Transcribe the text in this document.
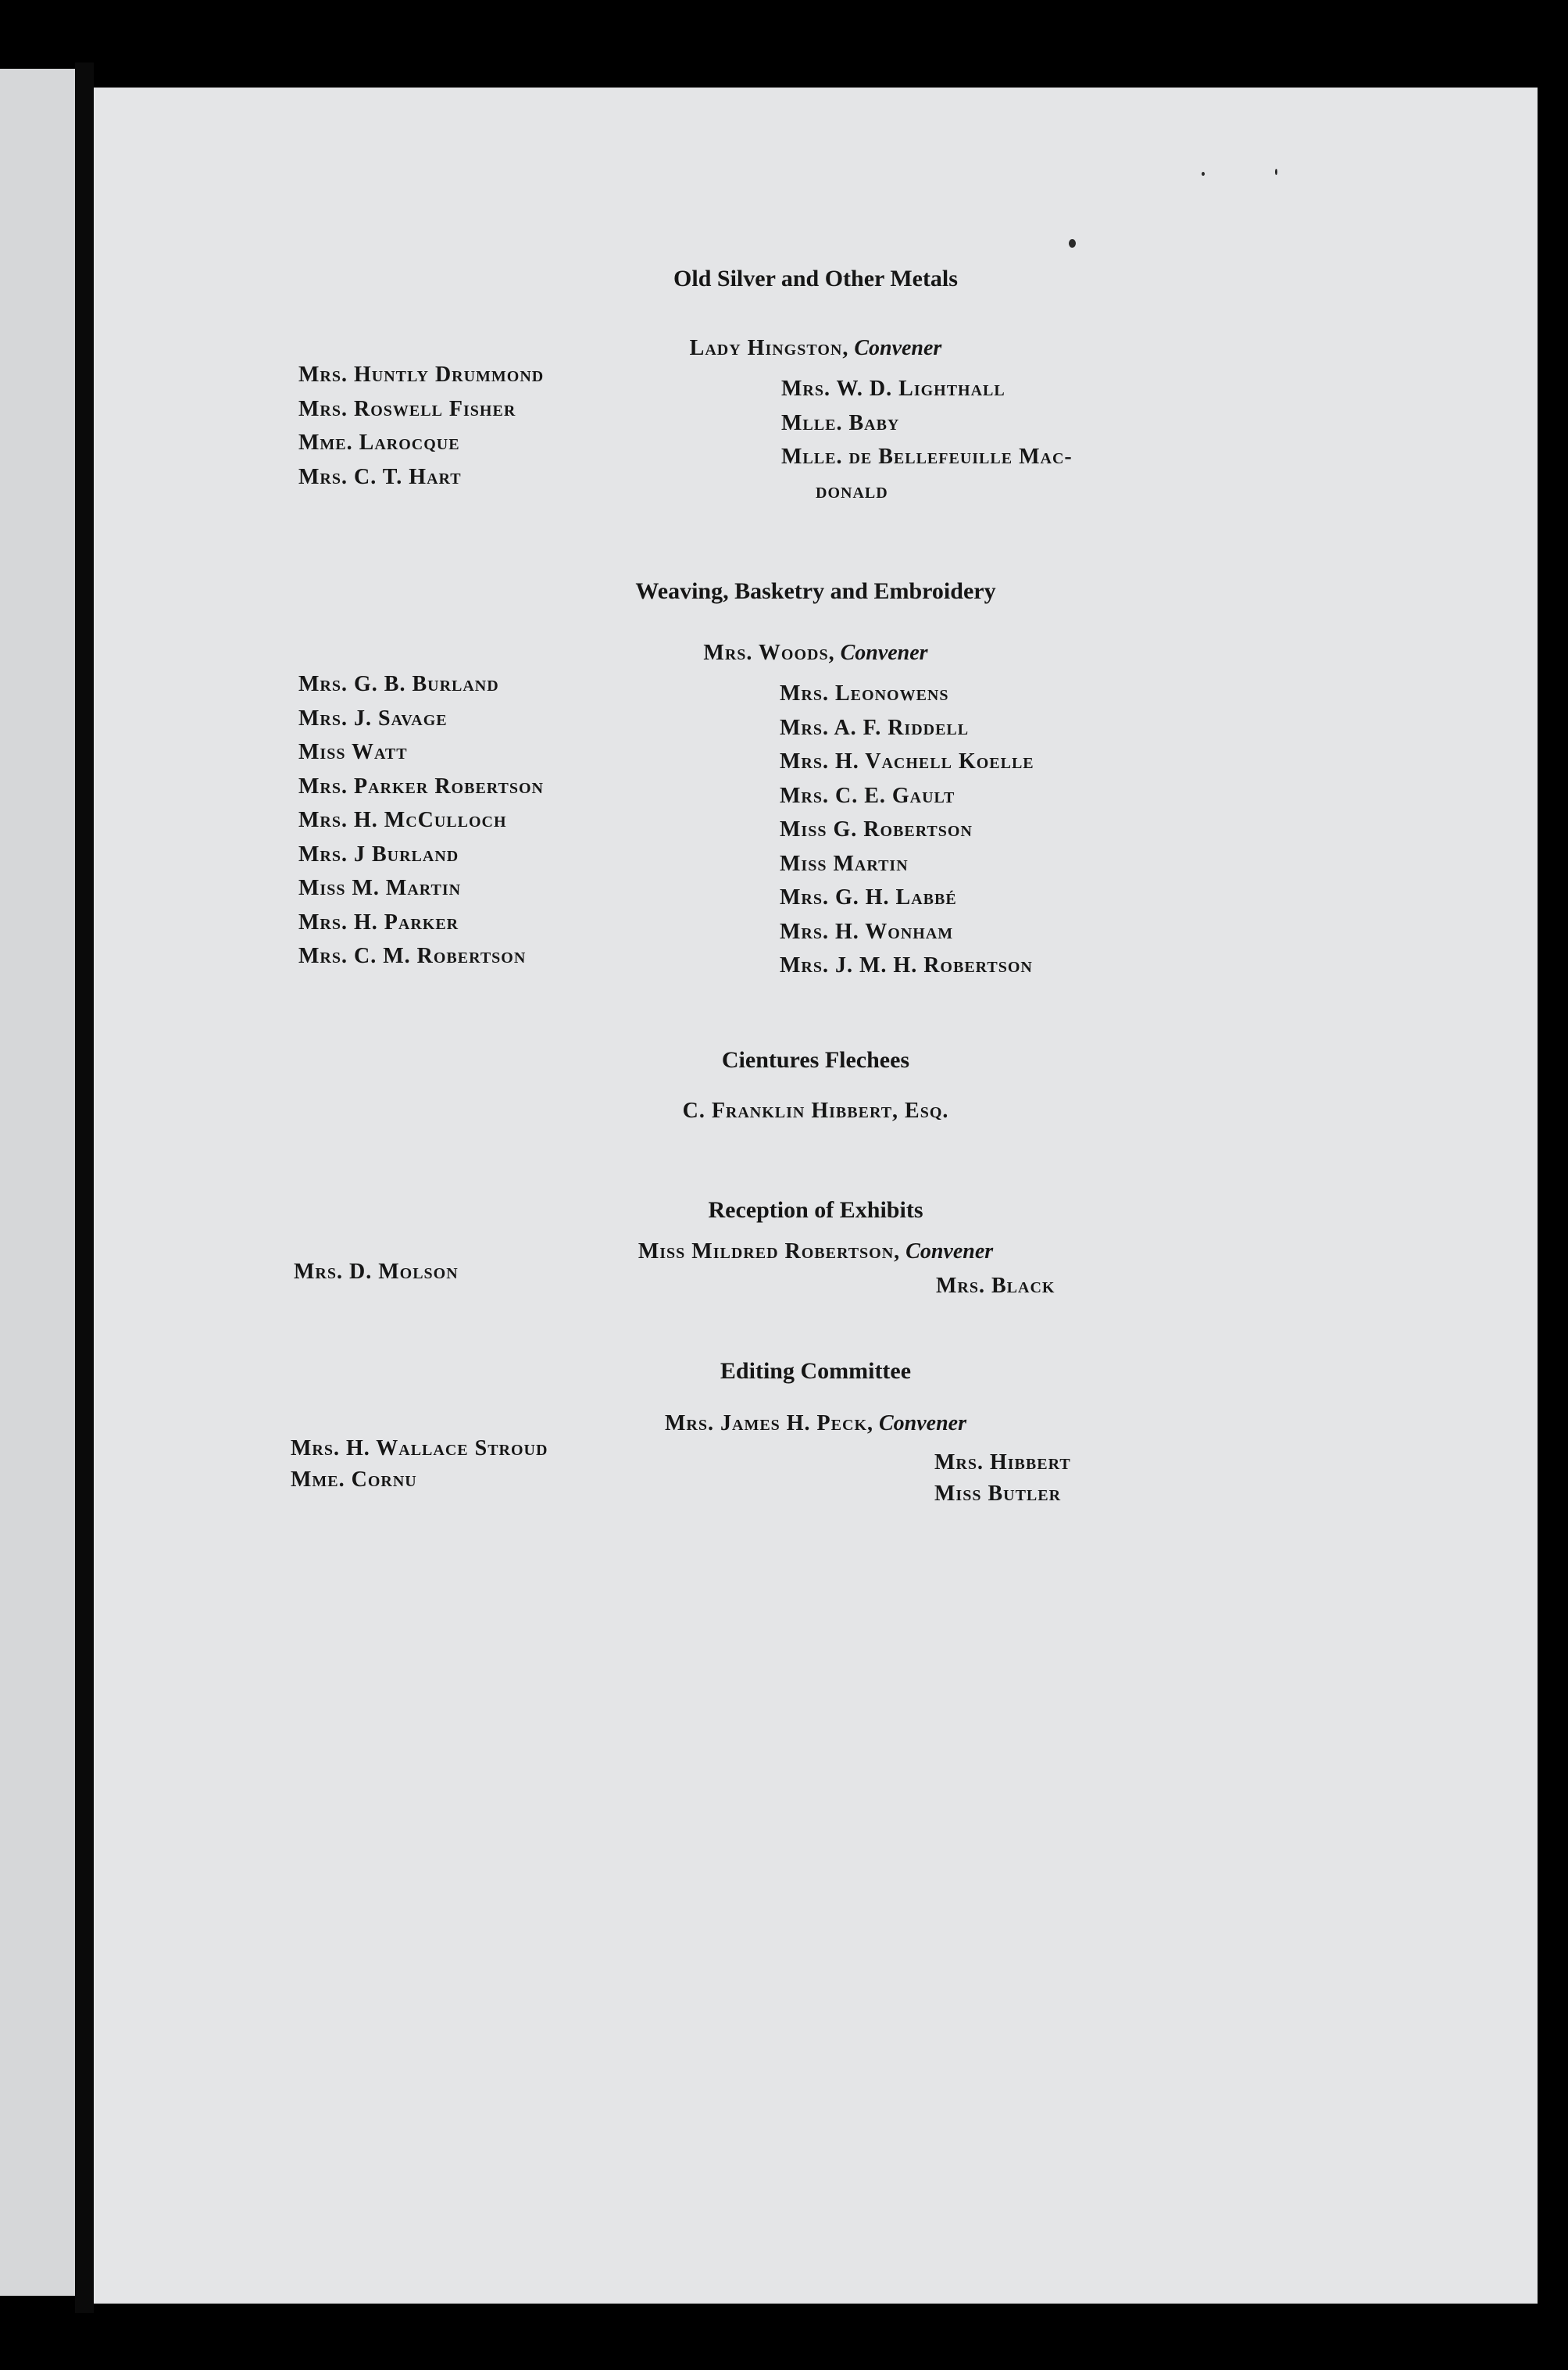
Old Silver and Other Metals
Lady Hingston, Convener
Mrs. Huntly Drummond
Mrs. Roswell Fisher
Mme. Larocque
Mrs. C. T. Hart
Mrs. W. D. Lighthall
Mlle. Baby
Mlle. de Bellefeuille Mac-
donald
Weaving, Basketry and Embroidery
Mrs. Woods, Convener
Mrs. G. B. Burland
Mrs. J. Savage
Miss Watt
Mrs. Parker Robertson
Mrs. H. McCulloch
Mrs. J Burland
Miss M. Martin
Mrs. H. Parker
Mrs. C. M. Robertson
Mrs. Leonowens
Mrs. A. F. Riddell
Mrs. H. Vachell Koelle
Mrs. C. E. Gault
Miss G. Robertson
Miss Martin
Mrs. G. H. Labbé
Mrs. H. Wonham
Mrs. J. M. H. Robertson
Cientures Flechees
C. Franklin Hibbert, Esq.
Reception of Exhibits
Miss Mildred Robertson, Convener
Mrs. D. Molson
Mrs. Black
Editing Committee
Mrs. James H. Peck, Convener
Mrs. H. Wallace Stroud
Mme. Cornu
Mrs. Hibbert
Miss Butler
